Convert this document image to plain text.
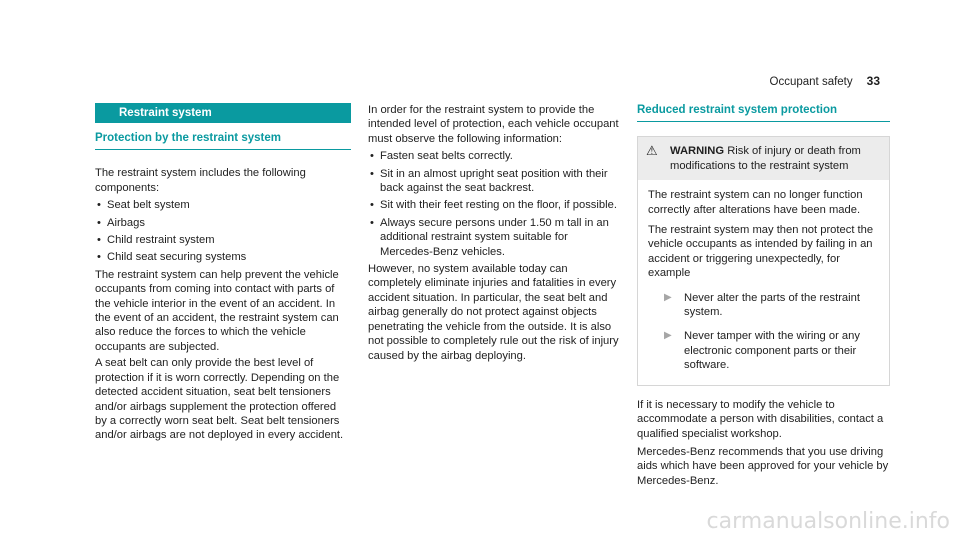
Occupant safety 33
Restraint system
Protection by the restraint system

The restraint system includes the following components:

• Seat belt system
• Airbags
• Child restraint system
• Child seat securing systems

The restraint system can help prevent the vehicle occupants from coming into contact with parts of the vehicle interior in the event of an accident. In the event of an accident, the restraint system can also reduce the forces to which the vehicle occupants are subjected.

A seat belt can only provide the best level of protection if it is worn correctly. Depending on the detected accident situation, seat belt tensioners and/or airbags supplement the protection offered by a correctly worn seat belt. Seat belt tensioners and/or airbags are not deployed in every accident.

In order for the restraint system to provide the intended level of protection, each vehicle occupant must observe the following information:

• Fasten seat belts correctly.
• Sit in an almost upright seat position with their back against the seat backrest.
• Sit with their feet resting on the floor, if possible.
• Always secure persons under 1.50 m tall in an additional restraint system suitable for Mercedes-Benz vehicles.

However, no system available today can completely eliminate injuries and fatalities in every accident situation. In particular, the seat belt and airbag generally do not protect against objects penetrating the vehicle from the outside. It is also not possible to completely rule out the risk of injury caused by the airbag deploying.

Reduced restraint system protection
⚠	WARNING Risk of injury or death from modifications to the restraint system

The restraint system can no longer function correctly after alterations have been made.

The restraint system may then not protect the vehicle occupants as intended by failing in an accident or triggering unexpectedly, for example

▶	Never alter the parts of the restraint system.
▶	Never tamper with the wiring or any electronic component parts or their software.

If it is necessary to modify the vehicle to accommodate a person with disabilities, contact a qualified specialist workshop.

Mercedes-Benz recommends that you use driving aids which have been approved for your vehicle by Mercedes-Benz.

carmanualsonline.info
